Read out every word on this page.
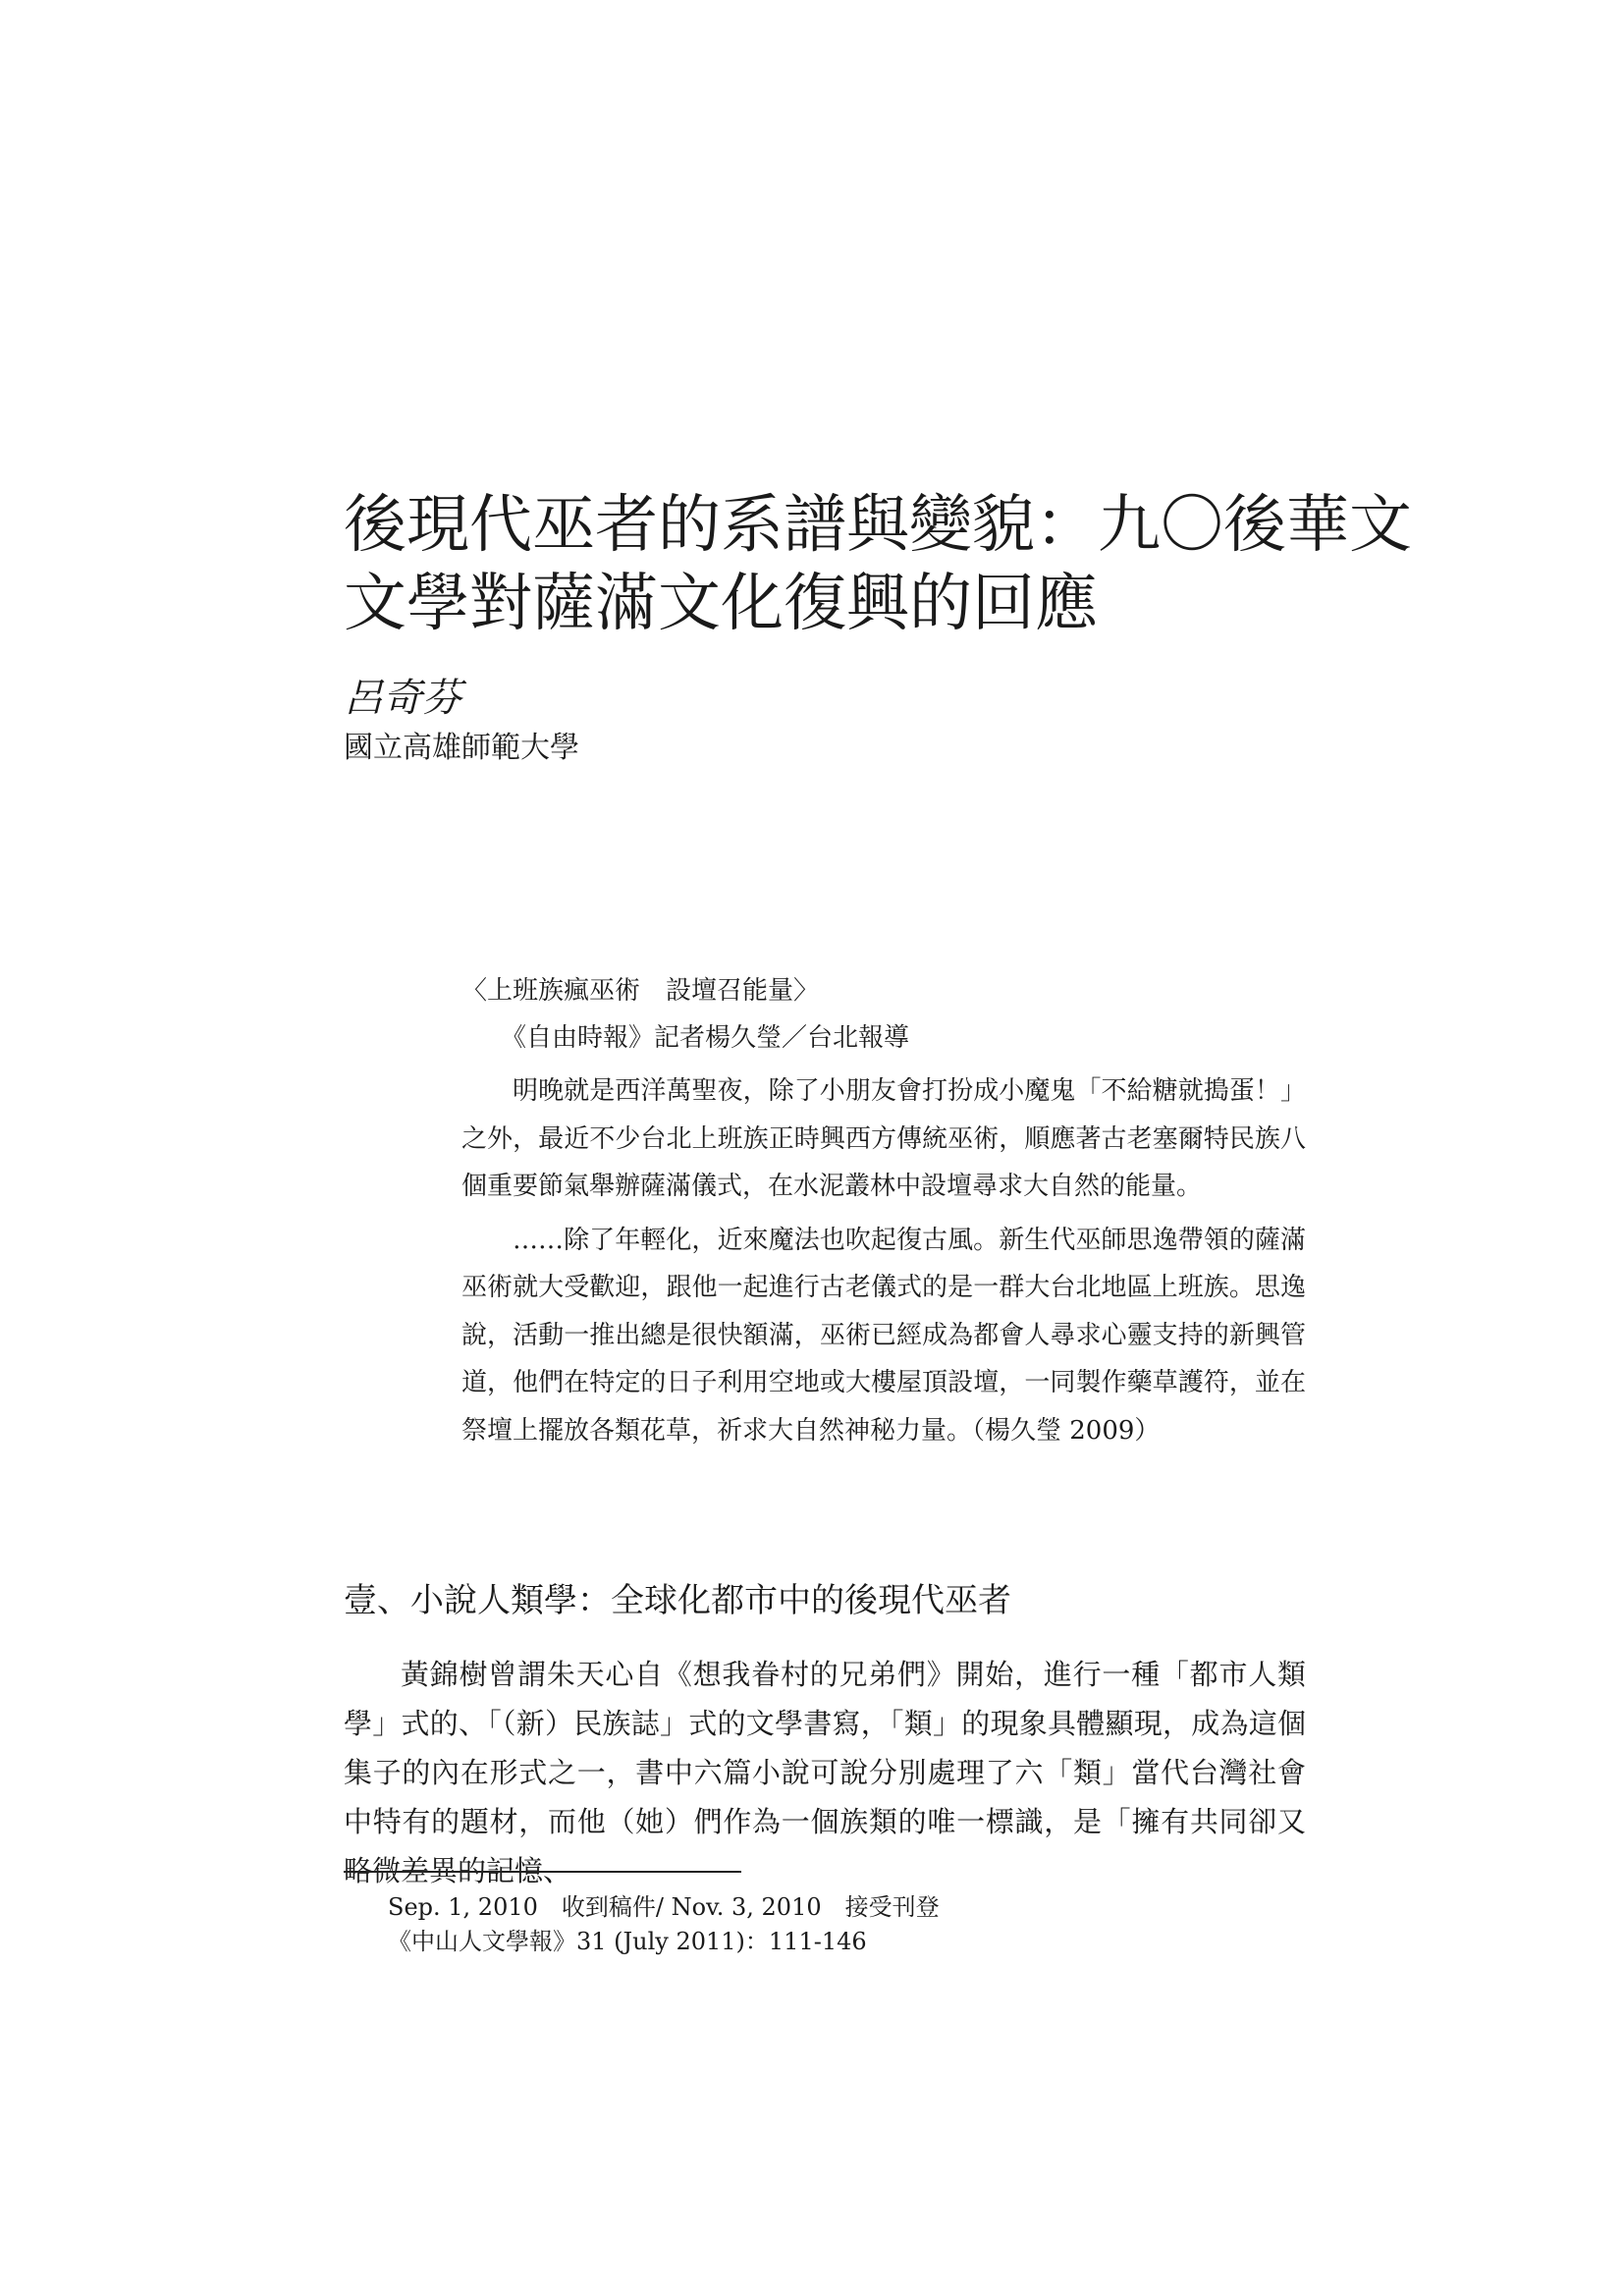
後現代巫者的系譜與變貌：九〇後華文
文學對薩滿文化復興的回應
呂奇芬
國立高雄師範大學
〈上班族瘋巫術　設壇召能量〉
《自由時報》記者楊久瑩／台北報導

明晚就是西洋萬聖夜，除了小朋友會打扮成小魔鬼「不給糖就搗蛋！」之外，最近不少台北上班族正時興西方傳統巫術，順應著古老塞爾特民族八個重要節氣舉辦薩滿儀式，在水泥叢林中設壇尋求大自然的能量。

……除了年輕化，近來魔法也吹起復古風。新生代巫師思逸帶領的薩滿巫術就大受歡迎，跟他一起進行古老儀式的是一群大台北地區上班族。思逸說，活動一推出總是很快額滿，巫術已經成為都會人尋求心靈支持的新興管道，他們在特定的日子利用空地或大樓屋頂設壇，一同製作藥草護符，並在祭壇上擺放各類花草，祈求大自然神秘力量。（楊久瑩 2009）

壹、小說人類學：全球化都市中的後現代巫者

黃錦樹曾謂朱天心自《想我眷村的兄弟們》開始，進行一種「都市人類學」式的、「（新）民族誌」式的文學書寫，「類」的現象具體顯現，成為這個集子的內在形式之一，書中六篇小說可說分別處理了六「類」當代台灣社會中特有的題材，而他（她）們作為一個族類的唯一標識，是「擁有共同卻又略微差異的記憶、

Sep. 1, 2010　收到稿件/ Nov. 3, 2010　接受刊登
《中山人文學報》31 (July 2011)：111-146
